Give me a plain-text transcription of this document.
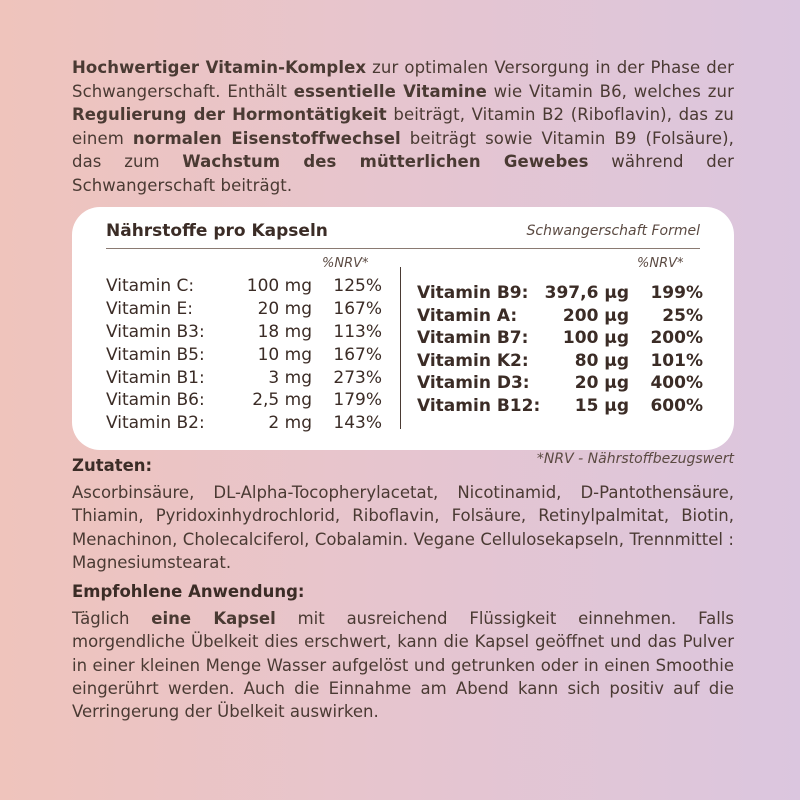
Hochwertiger Vitamin-Komplex zur optimalen Versorgung in der Phase der Schwangerschaft. Enthält essentielle Vitamine wie Vitamin B6, welches zur Regulierung der Hormontätigkeit beiträgt, Vitamin B2 (Riboflavin), das zu einem normalen Eisenstoffwechsel beiträgt sowie Vitamin B9 (Folsäure), das zum Wachstum des mütterlichen Gewebes während der Schwangerschaft beiträgt.
Nährstoffe pro Kapseln	Schwangerschaft Formel
%NRV*	%NRV*
Vitamin C:	100 mg	125%
Vitamin E:	20 mg	167%
Vitamin B3:	18 mg	113%
Vitamin B5:	10 mg	167%
Vitamin B1:	3 mg	273%
Vitamin B6:	2,5 mg	179%
Vitamin B2:	2 mg	143%
Vitamin B9: 397,6 µg	199%
Vitamin A:	200 µg	25%
Vitamin B7:	100 µg	200%
Vitamin K2:	80 µg	101%
Vitamin D3:	20 µg	400%
Vitamin B12:	15 µg	600%
*NRV - Nährstoffbezugswert
Zutaten:
Ascorbinsäure, DL-Alpha-Tocopherylacetat, Nicotinamid, D-Pantothensäure, Thiamin, Pyridoxinhydrochlorid, Riboflavin, Folsäure, Retinylpalmitat, Biotin, Menachinon, Cholecalciferol, Cobalamin. Vegane Cellulosekapseln, Trennmittel : Magnesiumstearat.
Empfohlene Anwendung:
Täglich eine Kapsel mit ausreichend Flüssigkeit einnehmen. Falls morgendliche Übelkeit dies erschwert, kann die Kapsel geöffnet und das Pulver in einer kleinen Menge Wasser aufgelöst und getrunken oder in einen Smoothie eingerührt werden. Auch die Einnahme am Abend kann sich positiv auf die Verringerung der Übelkeit auswirken.
